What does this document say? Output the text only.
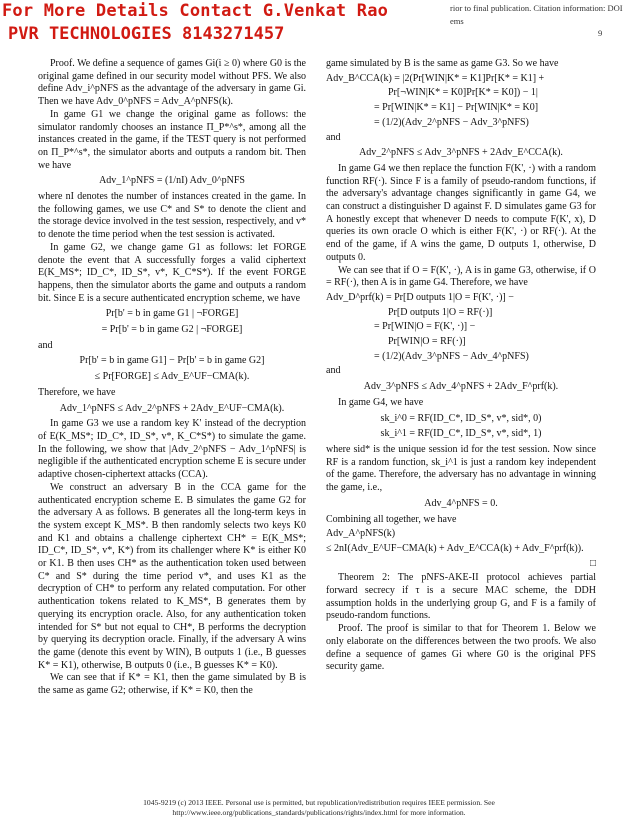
For More Details Contact G.Venkat Rao
PVR TECHNOLOGIES 8143271457
rior to final publication. Citation information: DOI
ems
9

Proof. We define a sequence of games Gi(i ≥ 0) where G0 is the original game defined in our security model without PFS. We also define Adv_i^pNFS as the advantage of the adversary in game Gi. Then we have Adv_0^pNFS = Adv_A^pNFS(k).

In game G1 we change the original game as follows: the simulator randomly chooses an instance Π_P*^s*, among all the instances created in the game, if the TEST query is not performed on Π_P*^s*, the simulator aborts and outputs a random bit. Then we have

Adv_1^pNFS = (1/nI) Adv_0^pNFS

where nI denotes the number of instances created in the game. In the following games, we use C* and S* to denote the client and the storage device involved in the test session, respectively, and v* to denote the time period when the test session is activated.

In game G2, we change game G1 as follows: let FORGE denote the event that A successfully forges a valid ciphertext E(K_MS*; ID_C*, ID_S*, v*, K_C*S*). If the event FORGE happens, then the simulator aborts the game and outputs a random bit. Since E is a secure authenticated encryption scheme, we have

Pr[b' = b in game G1 | ¬FORGE]
= Pr[b' = b in game G2 | ¬FORGE]

and

Pr[b' = b in game G1] − Pr[b' = b in game G2]
≤ Pr[FORGE] ≤ Adv_E^UF−CMA(k).

Therefore, we have

Adv_1^pNFS ≤ Adv_2^pNFS + 2Adv_E^UF−CMA(k).

In game G3 we use a random key K' instead of the decryption of E(K_MS*; ID_C*, ID_S*, v*, K_C*S*) to simulate the game. In the following, we show that |Adv_2^pNFS − Adv_1^pNFS| is negligible if the authenticated encryption scheme E is secure under adaptive chosen-ciphertext attacks (CCA).

We construct an adversary B in the CCA game for the authenticated encryption scheme E. B simulates the game G2 for the adversary A as follows. B generates all the long-term keys in the system except K_MS*. B then randomly selects two keys K0 and K1 and obtains a challenge ciphertext CH* = E(K_MS*; ID_C*, ID_S*, v*, K*) from its challenger where K* is either K0 or K1. B then uses CH* as the authentication token used between C* and S* during the time period v*, and uses K1 as the decryption of CH* to perform any related computation. For other authentication tokens related to K_MS*, B generates them by querying its encryption oracle. Also, for any authentication token intended for S* but not equal to CH*, B performs the decryption by querying its decryption oracle. Finally, if the adversary A wins the game (denote this event by WIN), B outputs 1 (i.e., B guesses K* = K1), otherwise, B outputs 0 (i.e., B guesses K* = K0).

We can see that if K* = K1, then the game simulated by B is the same as game G2; otherwise, if K* = K0, then the

game simulated by B is the same as game G3. So we have

Adv_B^CCA(k) = |2(Pr[WIN|K* = K1]Pr[K* = K1] +
Pr[¬WIN|K* = K0]Pr[K* = K0]) − 1|
= Pr[WIN|K* = K1] − Pr[WIN|K* = K0]
= (1/2)(Adv_2^pNFS − Adv_3^pNFS)

and

Adv_2^pNFS ≤ Adv_3^pNFS + 2Adv_E^CCA(k).

In game G4 we then replace the function F(K', ·) with a random function RF(·). Since F is a family of pseudo-random functions, if the adversary's advantage changes significantly in game G4, we can construct a distinguisher D against F. D simulates game G3 for A honestly except that whenever D needs to compute F(K', x), D queries its own oracle O which is either F(K', ·) or RF(·). At the end of the game, if A wins the game, D outputs 1, otherwise, D outputs 0.

We can see that if O = F(K', ·), A is in game G3, otherwise, if O = RF(·), then A is in game G4. Therefore, we have

Adv_D^prf(k) = Pr[D outputs 1|O = F(K', ·)] −
Pr[D outputs 1|O = RF(·)]
= Pr[WIN|O = F(K', ·)] −
Pr[WIN|O = RF(·)]
= (1/2)(Adv_3^pNFS − Adv_4^pNFS)

and

Adv_3^pNFS ≤ Adv_4^pNFS + 2Adv_F^prf(k).

In game G4, we have

sk_i^0 = RF(ID_C*, ID_S*, v*, sid*, 0)
sk_i^1 = RF(ID_C*, ID_S*, v*, sid*, 1)

where sid* is the unique session id for the test session. Now since RF is a random function, sk_i^1 is just a random key independent of the game. Therefore, the adversary has no advantage in winning the game, i.e.,

Adv_4^pNFS = 0.

Combining all together, we have

Adv_A^pNFS(k)
≤ 2nI(Adv_E^UF−CMA(k) + Adv_E^CCA(k) + Adv_F^prf(k)).
□

Theorem 2: The pNFS-AKE-II protocol achieves partial forward secrecy if τ is a secure MAC scheme, the DDH assumption holds in the underlying group G, and F is a family of pseudo-random functions.

Proof. The proof is similar to that for Theorem 1. Below we only elaborate on the differences between the two proofs. We also define a sequence of games Gi where G0 is the original PFS security game.

1045-9219 (c) 2013 IEEE. Personal use is permitted, but republication/redistribution requires IEEE permission. See
http://www.ieee.org/publications_standards/publications/rights/index.html for more information.
